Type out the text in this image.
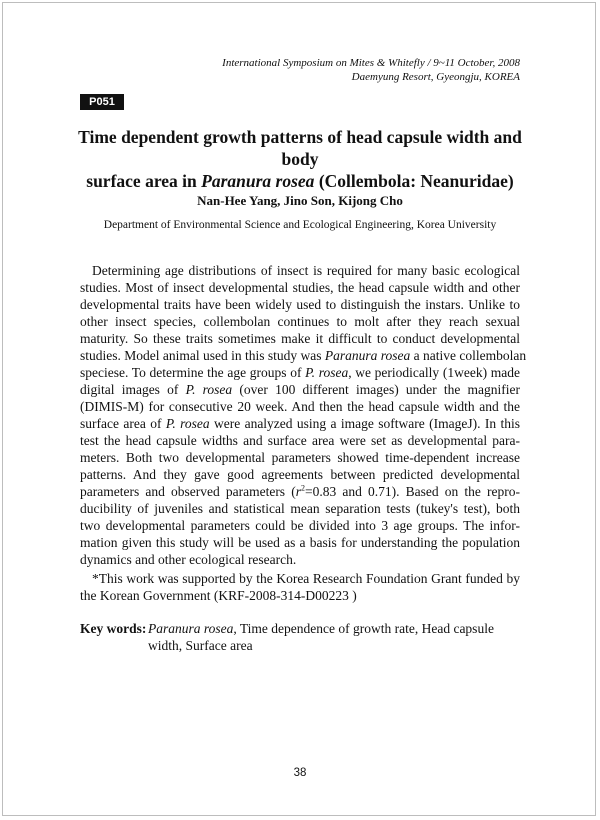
International Symposium on Mites & Whitefly / 9~11 October, 2008
Daemyung Resort, Gyeongju, KOREA
P051
Time dependent growth patterns of head capsule width and body
surface area in Paranura rosea (Collembola: Neanuridae)
Nan-Hee Yang, Jino Son, Kijong Cho
Department of Environmental Science and Ecological Engineering, Korea University
Determining age distributions of insect is required for many basic ecological
studies. Most of insect developmental studies, the head capsule width and other
developmental traits have been widely used to distinguish the instars. Unlike to
other insect species, collembolan continues to molt after they reach sexual
maturity. So these traits sometimes make it difficult to conduct developmental
studies. Model animal used in this study was Paranura rosea a native collembolan
speciese. To determine the age groups of P. rosea, we periodically (1week) made
digital images of P. rosea (over 100 different images) under the magnifier
(DIMIS-M) for consecutive 20 week. And then the head capsule width and the
surface area of P. rosea were analyzed using a image software (ImageJ). In this
test the head capsule widths and surface area were set as developmental para-
meters. Both two developmental parameters showed time-dependent increase
patterns. And they gave good agreements between predicted developmental
parameters and observed parameters ($r^2=0.83$ and 0.71). Based on the repro-
ducibility of juveniles and statistical mean separation tests (tukey's test), both
two developmental parameters could be divided into 3 age groups. The infor-
mation given this study will be used as a basis for understanding the population
dynamics and other ecological research.
*This work was supported by the Korea Research Foundation Grant funded by
the Korean Government (KRF-2008-314-D00223 )
Key words: Paranura rosea, Time dependence of growth rate, Head capsule
width, Surface area
38
